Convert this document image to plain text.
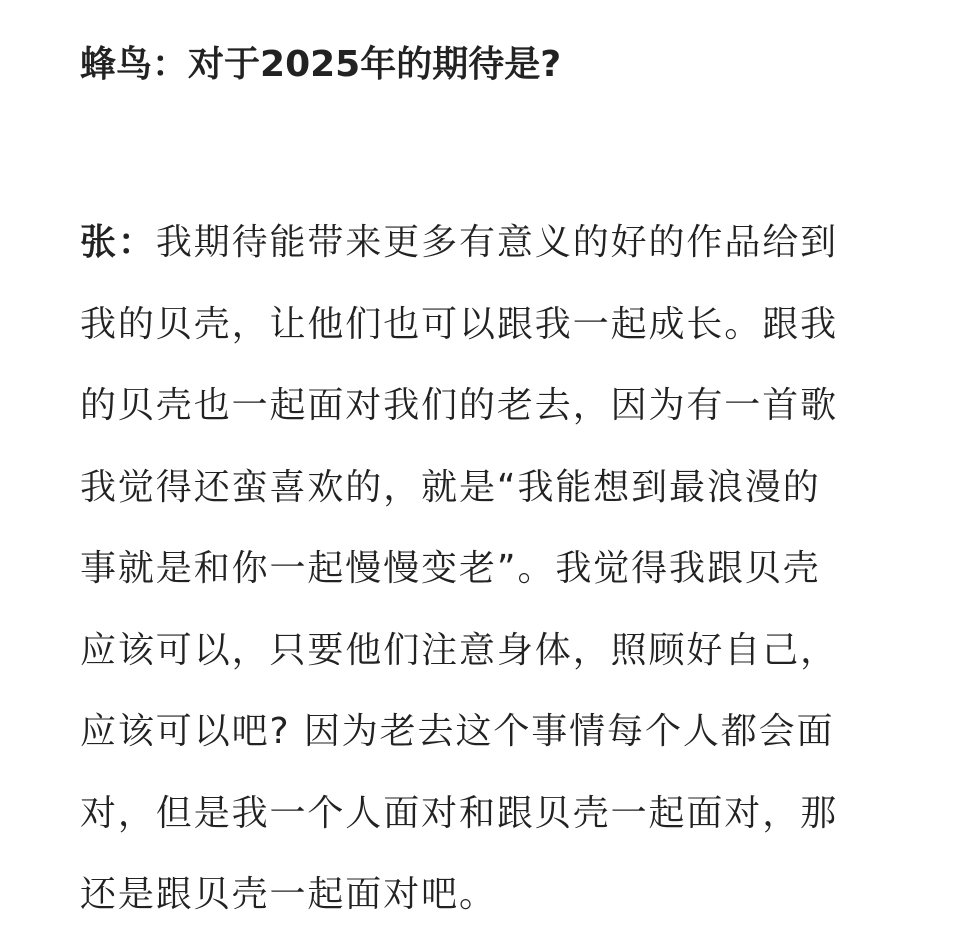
蜂鸟：对于2025年的期待是?

张：我期待能带来更多有意义的好的作品给到
我的贝壳，让他们也可以跟我一起成长。跟我
的贝壳也一起面对我们的老去，因为有一首歌
我觉得还蛮喜欢的，就是“我能想到最浪漫的
事就是和你一起慢慢变老”。我觉得我跟贝壳
应该可以，只要他们注意身体，照顾好自己，
应该可以吧? 因为老去这个事情每个人都会面
对，但是我一个人面对和跟贝壳一起面对，那
还是跟贝壳一起面对吧。
